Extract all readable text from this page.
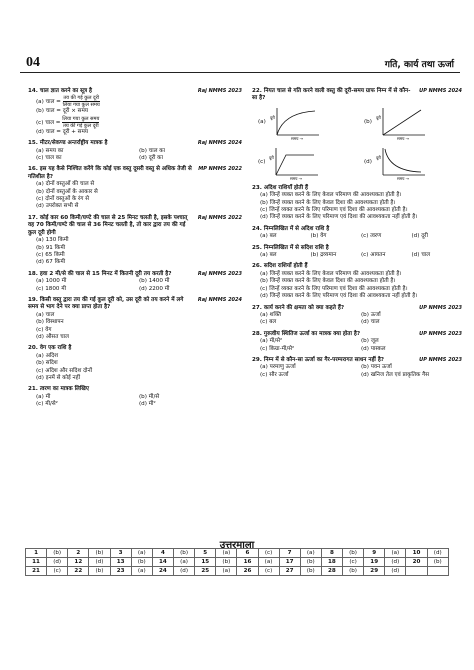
04	गति, कार्य तथा ऊर्जा
14. चाल ज्ञात करने का सूत्र है	Raj NMMS 2023
(a) चाल = $\frac{\text{तय की गई कुल दूरी}}{\text{लिया गया कुल समय}}$
(b) चाल = दूरी × समय
(c) चाल = $\frac{\text{लिया गया कुल समय}}{\text{तय की गई कुल दूरी}}$
(d) चाल = दूरी + समय
15. मीटर/सेकण्ड अन्तर्राष्ट्रीय मात्रक है	Raj NMMS 2024
(a) समय का	(b) चाल का
(c) चाल का	(d) दूरी का
16. इस यह कैसे निश्चित करेंगे कि कोई एक वस्तु दूसरी वस्तु से अधिक तेजी से गतिशील है?
MP NMMS 2022
(a) दोनों वस्तुओं की चाल से
(b) दोनों वस्तुओं के आकार से
(c) दोनों वस्तुओं के रंग से
(d) उपरोक्त सभी से
17. कोई कार 60 किमी/घण्टे की चाल से 25 मिनट चलती है, इसके पश्चात् वह 70 किमी/घण्टे की चाल से 36 मिनट चलती है, तो कार द्वारा तय की गई कुल दूरी होगी
Raj NMMS 2022
(a) 130 किमी
(b) 91 किमी
(c) 65 किमी
(d) 67 किमी
18. हवा 2 मी/से की चाल से 15 मिनट में कितनी दूरी तय करती है?	Raj NMMS 2023
(a) 1000 मी	(b) 1400 मी
(c) 1800 मी	(d) 2200 मी
19. किसी वस्तु द्वारा तय की गई कुल दूरी को, उस दूरी को तय करने में लगे समय से भाग देने पर क्या प्राप्त होता है?
Raj NMMS 2024
(a) चाल
(b) विस्थापन
(c) वेग
(d) औसत चाल
20. वेग एक राशि है
(a) अदिश
(b) सदिश
(c) अदिश और सदिश दोनों
(d) इनमें से कोई नहीं
21. त्वरण का मात्रक लिखिए
(a) मी	(b) मी/से
(c) मी/से²	(d) मी²
22. नियत चाल से गति करने वाली वस्तु की दूरी-समय ग्राफ निम्न में से कौन-सा है?
UP NMMS 2024
(a)
दूरी
समय →
(b)
दूरी
समय →
(c)
दूरी
समय →
(d)
दूरी
समय →
23. अदिश राशियाँ होती हैं
(a) जिन्हें व्यक्त करने के लिए केवल परिमाण की आवश्यकता होती है।
(b) जिन्हें व्यक्त करने के लिए केवल दिशा की आवश्यकता होती है।
(c) जिन्हें व्यक्त करने के लिए परिमाण एवं दिशा की आवश्यकता होती है।
(d) जिन्हें व्यक्त करने के लिए परिमाण एवं दिशा की आवश्यकता नहीं होती है।
24. निम्नलिखित में से अदिश राशि है
(a) बल	(b) वेग	(c) त्वरण	(d) दूरी
25. निम्नलिखित में से सदिश राशि है
(a) बल	(b) द्रव्यमान	(c) आयतन	(d) चाल
26. सदिश राशियाँ होती हैं
(a) जिन्हें व्यक्त करने के लिए केवल परिमाण की आवश्यकता होती है।
(b) जिन्हें व्यक्त करने के लिए केवल दिशा की आवश्यकता होती है।
(c) जिन्हें व्यक्त करने के लिए परिमाण एवं दिशा की आवश्यकता होती है।
(d) जिन्हें व्यक्त करने के लिए परिमाण एवं दिशा की आवश्यकता नहीं होती है।
27. कार्य करने की क्षमता को क्या कहते हैं?	UP NMMS 2023
(a) शक्ति	(b) ऊर्जा
(c) बल	(d) चाल
28. गुरुत्वीय स्थितिज ऊर्जा का मात्रक क्या होता है?	UP NMMS 2023
(a) मी/से²	(b) जूल
(c) किग्रा-मी/से²	(d) पास्कल
29. निम्न में से कौन-सा ऊर्जा का गैर-परम्परागत साधन नहीं है?	UP NMMS 2023
(a) परमाणु ऊर्जा	(b) पवन ऊर्जा
(c) सौर ऊर्जा	(d) खनिज तेल एवं प्राकृतिक गैस
उत्तरमाला
1	(b)	2	(b)	3	(a)	4	(b)	5	(a)	6	(c)	7	(a)	8	(b)	9	(a)	10	(d)
11	(d)	12	(d)	13	(b)	14	(a)	15	(b)	16	(a)	17	(b)	18	(c)	19	(d)	20	(b)
21	(c)	22	(b)	23	(a)	24	(d)	25	(a)	26	(c)	27	(b)	28	(b)	29	(d)		
